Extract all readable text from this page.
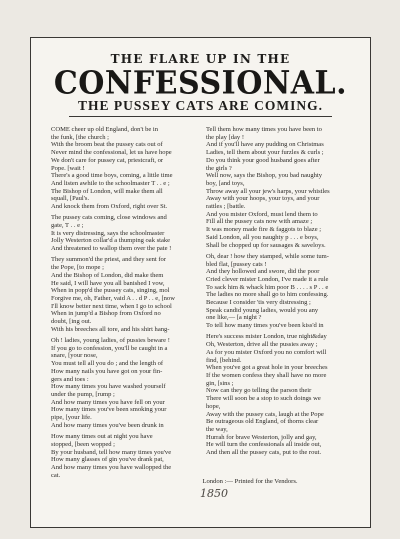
THE FLARE UP IN THE
CONFESSIONAL.
THE PUSSEY CATS ARE COMING.
COME cheer up old England, don't be in
the funk, [the church ;
With the broom beat the pussey cats out of
Never mind the confessional, let us have hope
We don't care for pussey cat, priestcraft, or
Pope. [wait !
There's a good time boys, coming, a little time
And listen awhile to the schoolmaster T . . e ;
The Bishop of London, will make them all
squall, [Paul's.
And knock them from Oxford, right over St.
The pussey cats coming, close windows and
gate, T . . e ;
It is very distressing, says the schoolmaster
Jolly Westerton collar'd a thumping oak stake
And threatened to wallop them over the pate !
They summon'd the priest, and they sent for
the Pope, [to mope ;
And the Bishop of London, did make them
He said, I will have you all banished I vow,
When in popp'd the pussey cats, singing, mol
Forgive me, oh, Father, vaid A . . d P . . e, [now
I'll know better next time, when I go to school
When in jump'd a Bishop from Oxford no
doubt, [ing out.
With his breeches all tore, and his shirt hang-
Oh ! ladies, young ladies, of pussies beware !
If you go to confession, you'll be caught in a
snare, [your nose,
You must tell all you do ; and the length of
How many nails you have got on your fin-
gers and toes :
How many times you have washed yourself
under the pump, [rump ;
And how many times you have fell on your
How many times you've been smoking your
pipe, [your life.
And how many times you've been drunk in
How many times out at night you have
stopped, [been wopped ;
By your husband, tell how many times you've
How many glasses of gin you've drank pat,
And how many times you have wallopped the
cat.
Tell them how many times you have been to
the play [day !
And if you'll have any pudding on Christmas
Ladies, tell them about your furzles & curls ;
Do you think your good husband goes after
the girls ?
Well now, says the Bishop, you bad naughty
boy, [and toys,
Throw away all your jew's harps, your whistles
Away with your hoops, your toys, and your
rattles ; [battle.
And you mister Oxford, must lend them to
Fill all the pussey cats now with amaze ;
It was money made fire & faggots to blaze ;
Said London, all you naughty p . . . e boys,
Shall be chopped up for sausages & saveloys.
Oh, dear ! how they stamped, while some tum-
bled flat, [pussey cats !
And they hollowed and swore, did the poor
Cried clever mister London, I've made it a rule
To sack him & whack him poor B . . . . s P . . e
The ladies no more shall go to him confessing.
Because I consider 'tis very distressing ;
Speak candid young ladies, would you any
one like,— [a night ?
To tell how many times you've been kiss'd in
Here's success mister London, true night&day
Oh, Westerton, drive all the pussies away ;
As for you mister Oxford you no comfort will
find, [behind.
When you've got a great hole in your breeches
If the women confess they shall have no more
gin, [sins ;
Now can they go telling the parson their
There will soon be a stop to such doings we
hope,
Away with the pussey cats, laugh at the Pope
Be outrageous old England, of thorns clear
the way,
Hurrah for brave Westerton, jolly and gay,
He will turn the confessionals all inside out,
And then all the pussey cats, put to the rout.
London :— Printed for the Vendors.
1850
